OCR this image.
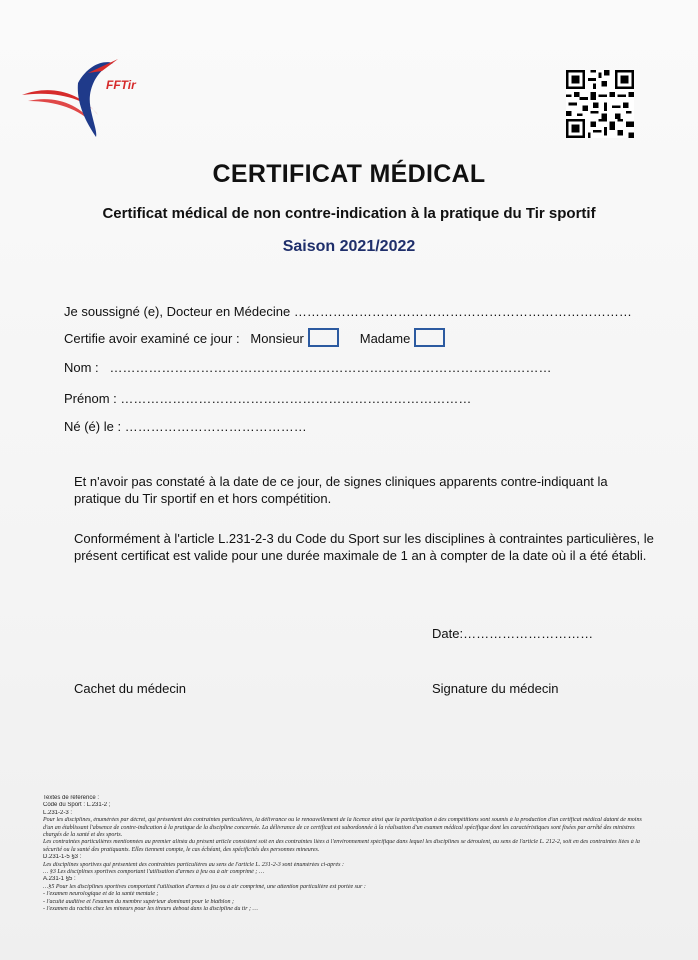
FFTir
CERTIFICAT MÉDICAL
Certificat médical de non contre-indication à la pratique du Tir sportif
Saison 2021/2022
Je soussigné (e), Docteur en Médecine ……………………………………………………………………
Certifie avoir examiné ce jour : Monsieur	Madame
Nom : …………………………………………………………………………………………
Prénom : ………………………………………………………………………
Né (é) le : ……………………………………
Et n'avoir pas constaté à la date de ce jour, de signes cliniques apparents contre-indiquant la pratique du Tir sportif en et hors compétition.
Conformément à l'article L.231-2-3 du Code du Sport sur les disciplines à contraintes particulières, le présent certificat est valide pour une durée maximale de 1 an à compter de la date où il a été établi.
Date:…………………………
Cachet du médecin	Signature du médecin
Textes de référence :
Code du Sport : L.231-2 ;
L.231-2-3 :
Pour les disciplines, énumérées par décret, qui présentent des contraintes particulières, la délivrance ou le renouvellement de la licence ainsi que la participation à des compétitions sont soumis à la production d'un certificat médical datant de moins d'un an établissant l'absence de contre-indication à la pratique de la discipline concernée. La délivrance de ce certificat est subordonnée à la réalisation d'un examen médical spécifique dont les caractéristiques sont fixées par arrêté des ministres chargés de la santé et des sports.
Les contraintes particulières mentionnées au premier alinéa du présent article consistent soit en des contraintes liées à l'environnement spécifique dans lequel les disciplines se déroulent, au sens de l'article L. 212-2, soit en des contraintes liées à la sécurité ou la santé des pratiquants. Elles tiennent compte, le cas échéant, des spécificités des personnes mineures.
D.231-1-5 §3 :
Les disciplines sportives qui présentent des contraintes particulières au sens de l'article L. 231-2-3 sont énumérées ci-après :
… §3 Les disciplines sportives comportant l'utilisation d'armes à feu ou à air comprimé ; …
A.231-1 §5 :
…§5 Pour les disciplines sportives comportant l'utilisation d'armes à feu ou à air comprimé, une attention particulière est portée sur :
- l'examen neurologique et de la santé mentale ;
- l'acuité auditive et l'examen du membre supérieur dominant pour le biathlon ;
- l'examen du rachis chez les mineurs pour les tireurs debout dans la discipline du tir ; …
